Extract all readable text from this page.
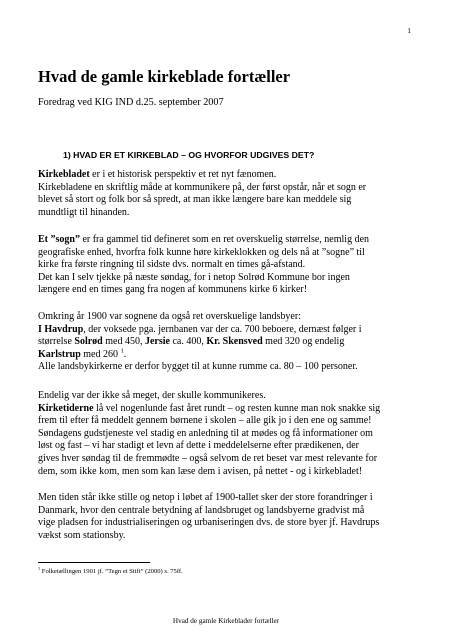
1
Hvad de gamle kirkeblade fortæller
Foredrag ved KIG IND d.25. september 2007
1) HVAD ER ET KIRKEBLAD – OG HVORFOR UDGIVES DET?
Kirkebladet er i et historisk perspektiv et ret nyt fænomen.
Kirkebladene en skriftlig måde at kommunikere på, der først opstår, når et sogn er
blevet så stort og folk bor så spredt, at man ikke længere bare kan meddele sig
mundtligt til hinanden.
Et ”sogn” er fra gammel tid defineret som en ret overskuelig størrelse, nemlig den
geografiske enhed, hvorfra folk kunne høre kirkeklokken og dels nå at ”sogne” til
kirke fra første ringning til sidste dvs. normalt en times gå-afstand.
Det kan I selv tjekke på næste søndag, for i netop Solrød Kommune bor ingen
længere end en times gang fra nogen af kommunens kirke 6 kirker!
Omkring år 1900 var sognene da også ret overskuelige landsbyer:
I Havdrup, der voksede pga. jernbanen var der ca. 700 beboere, dernæst følger i
størrelse Solrød med 450, Jersie ca. 400, Kr. Skensved med 320 og endelig
Karlstrup med 260 $^1$.
Alle landsbykirkerne er derfor bygget til at kunne rumme ca. 80 – 100 personer.
Endelig var der ikke så meget, der skulle kommunikeres.
Kirketiderne lå vel nogenlunde fast året rundt – og resten kunne man nok snakke sig
frem til efter få meddelt gennem børnene i skolen – alle gik jo i den ene og samme!
Søndagens gudstjeneste vel stadig en anledning til at mødes og få informationer om
løst og fast – vi har stadigt et levn af dette i meddelelserne efter prædikenen, der
gives hver søndag til de fremmødte – også selvom de ret beset var mest relevante for
dem, som ikke kom, men som kan læse dem i avisen, på nettet - og i kirkebladet!
Men tiden står ikke stille og netop i løbet af 1900-tallet sker der store forandringer i
Danmark, hvor den centrale betydning af landsbruget og landsbyerne gradvist må
vige pladsen for industrialiseringen og urbaniseringen dvs. de store byer jf. Havdrups
vækst som stationsby.
$^1$ Folketællingen 1901 jf. ”Tegn et Stift” (2000) s. 75ff.
Hvad de gamle Kirkeblader fortæller
